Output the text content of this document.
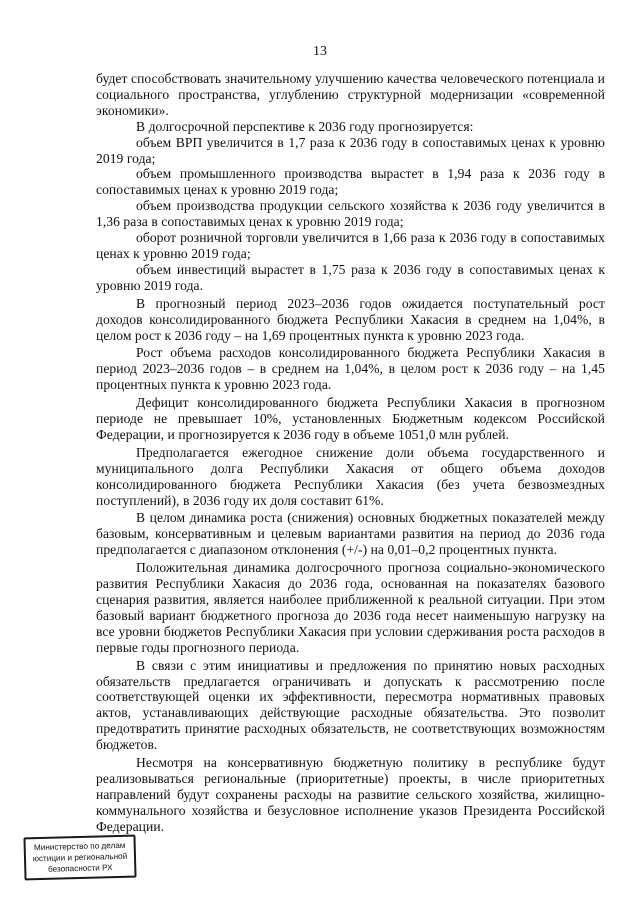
13

будет способствовать значительному улучшению качества человеческого потенциала и социального пространства, углублению структурной модернизации «современной экономики».

В долгосрочной перспективе к 2036 году прогнозируется:

объем ВРП увеличится в 1,7 раза к 2036 году в сопоставимых ценах к уровню 2019 года;

объем промышленного производства вырастет в 1,94 раза к 2036 году в сопоставимых ценах к уровню 2019 года;

объем производства продукции сельского хозяйства к 2036 году увеличится в 1,36 раза в сопоставимых ценах к уровню 2019 года;

оборот розничной торговли увеличится в 1,66 раза к 2036 году в сопоставимых ценах к уровню 2019 года;

объем инвестиций вырастет в 1,75 раза к 2036 году в сопоставимых ценах к уровню 2019 года.

В прогнозный период 2023–2036 годов ожидается поступательный рост доходов консолидированного бюджета Республики Хакасия в среднем на 1,04%, в целом рост к 2036 году – на 1,69 процентных пункта к уровню 2023 года.

Рост объема расходов консолидированного бюджета Республики Хакасия в период 2023–2036 годов – в среднем на 1,04%, в целом рост к 2036 году – на 1,45 процентных пункта к уровню 2023 года.

Дефицит консолидированного бюджета Республики Хакасия в прогнозном периоде не превышает 10%, установленных Бюджетным кодексом Российской Федерации, и прогнозируется к 2036 году в объеме 1051,0 млн рублей.

Предполагается ежегодное снижение доли объема государственного и муниципального долга Республики Хакасия от общего объема доходов консолидированного бюджета Республики Хакасия (без учета безвозмездных поступлений), в 2036 году их доля составит 61%.

В целом динамика роста (снижения) основных бюджетных показателей между базовым, консервативным и целевым вариантами развития на период до 2036 года предполагается с диапазоном отклонения (+/-) на 0,01–0,2 процентных пункта.

Положительная динамика долгосрочного прогноза социально-экономического развития Республики Хакасия до 2036 года, основанная на показателях базового сценария развития, является наиболее приближенной к реальной ситуации. При этом базовый вариант бюджетного прогноза до 2036 года несет наименьшую нагрузку на все уровни бюджетов Республики Хакасия при условии сдерживания роста расходов в первые годы прогнозного периода.

В связи с этим инициативы и предложения по принятию новых расходных обязательств предлагается ограничивать и допускать к рассмотрению после соответствующей оценки их эффективности, пересмотра нормативных правовых актов, устанавливающих действующие расходные обязательства. Это позволит предотвратить принятие расходных обязательств, не соответствующих возможностям бюджетов.

Несмотря на консервативную бюджетную политику в республике будут реализовываться региональные (приоритетные) проекты, в числе приоритетных направлений будут сохранены расходы на развитие сельского хозяйства, жилищно-коммунального хозяйства и безусловное исполнение указов Президента Российской Федерации.

Министерство по делам
юстиции и региональной
безопасности РХ
